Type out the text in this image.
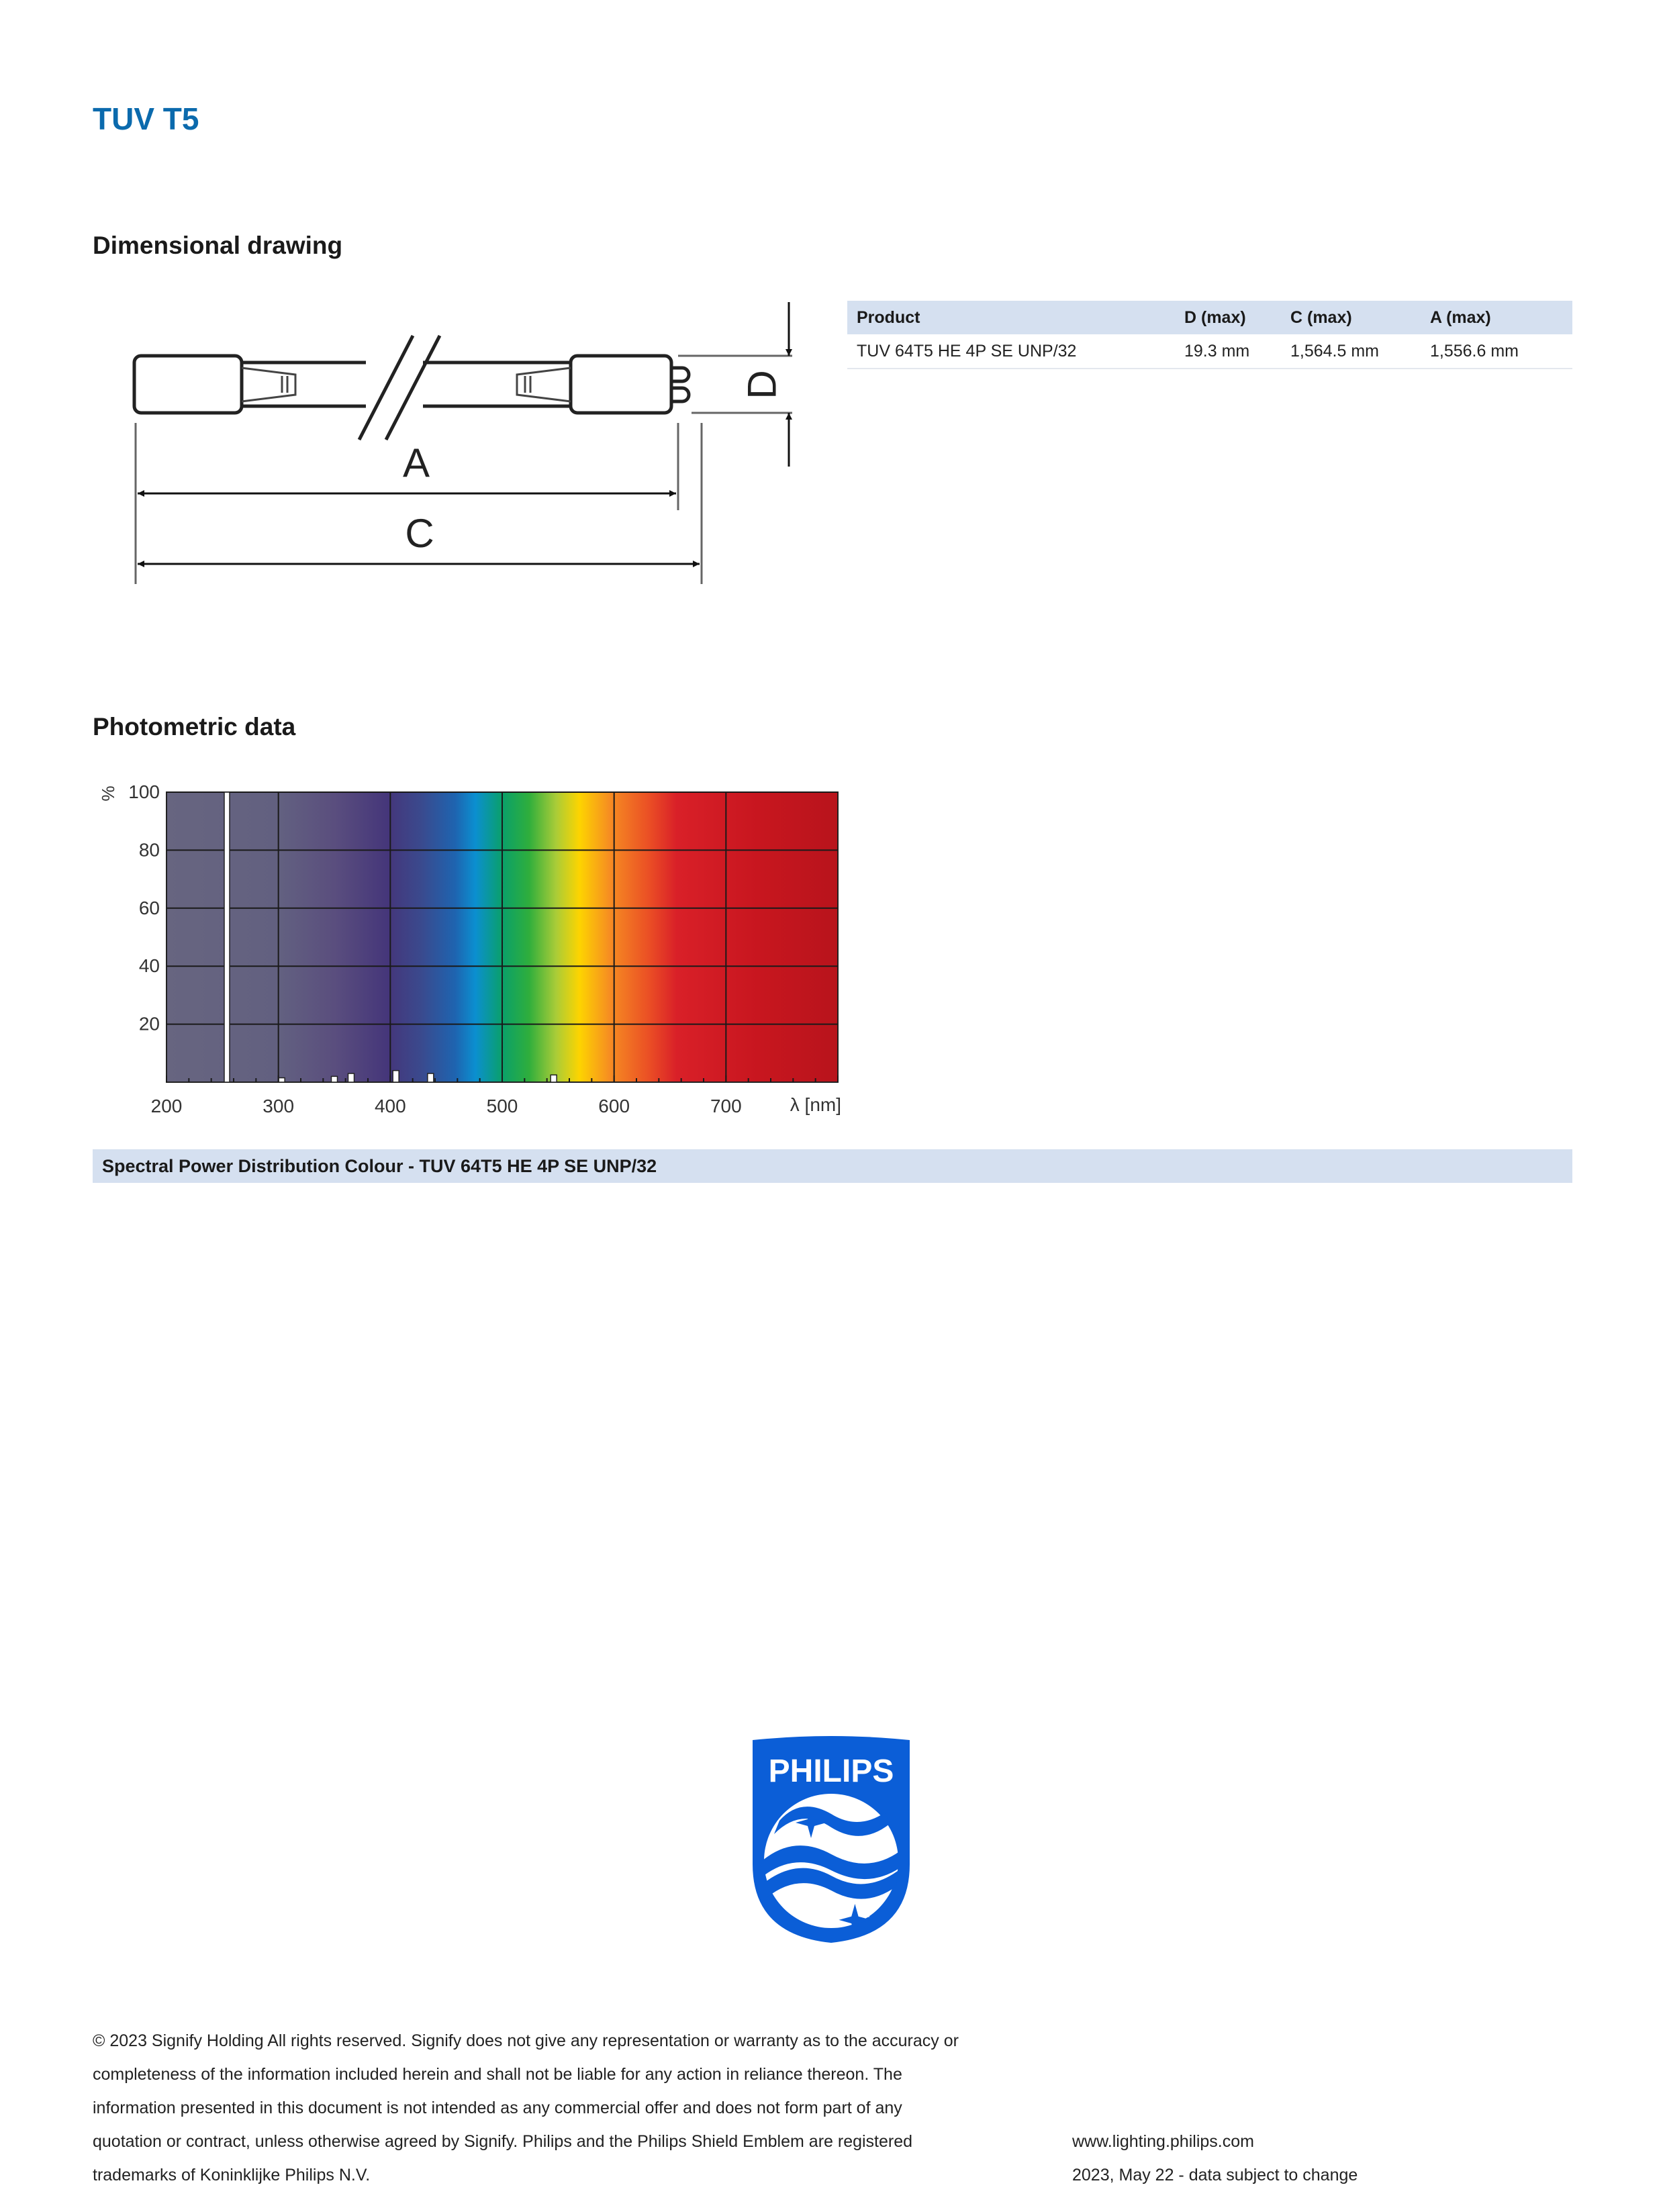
TUV T5
Dimensional drawing
A
C
D
Product	D (max)	C (max)	A (max)
TUV 64T5 HE 4P SE UNP/32	19.3 mm	1,564.5 mm	1,556.6 mm
Photometric data
20
40
60
80
100
200	300	400	500	600	700
%
λ [nm]
Spectral Power Distribution Colour - TUV 64T5 HE 4P SE UNP/32
PHILIPS
© 2023 Signify Holding All rights reserved. Signify does not give any representation or warranty as to the accuracy or
completeness of the information included herein and shall not be liable for any action in reliance thereon. The
information presented in this document is not intended as any commercial offer and does not form part of any
quotation or contract, unless otherwise agreed by Signify. Philips and the Philips Shield Emblem are registered
trademarks of Koninklijke Philips N.V.
www.lighting.philips.com
2023, May 22 - data subject to change
